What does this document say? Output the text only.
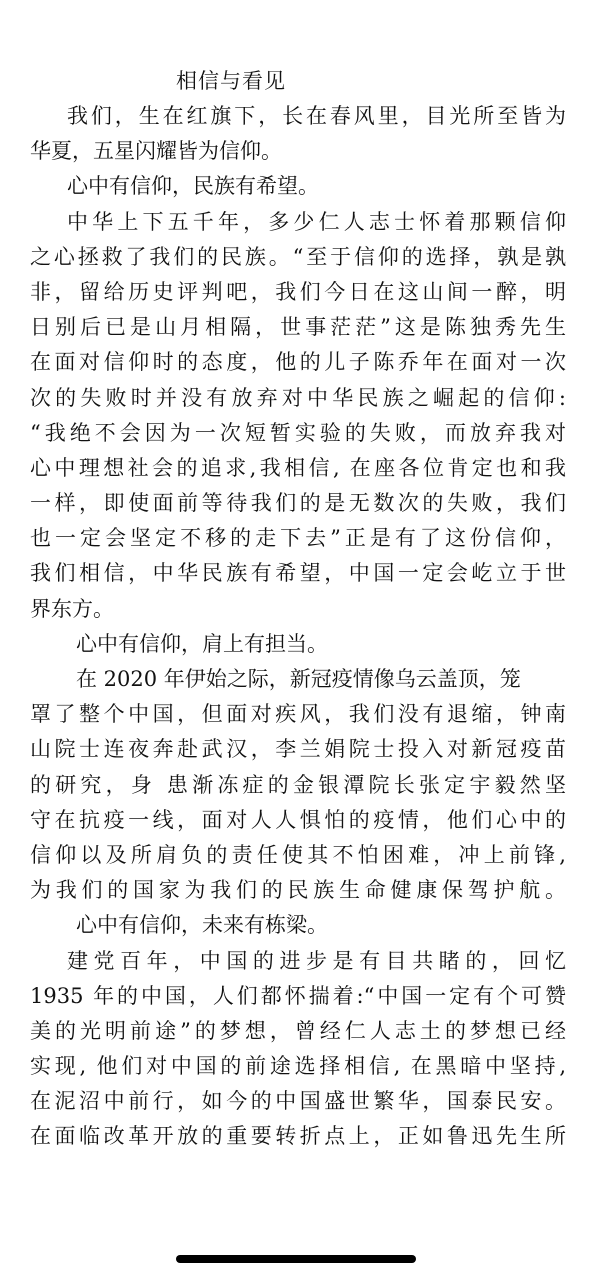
相信与看见
我们，生在红旗下，长在春风里，目光所至皆为
华夏，五星闪耀皆为信仰。
心中有信仰，民族有希望。
中华上下五千年，多少仁人志士怀着那颗信仰
之心拯救了我们的民族。“至于信仰的选择，孰是孰
非，留给历史评判吧，我们今日在这山间一醉，明
日别后已是山月相隔，世事茫茫”这是陈独秀先生
在面对信仰时的态度，他的儿子陈乔年在面对一次
次的失败时并没有放弃对中华民族之崛起的信仰:
“我绝不会因为一次短暂实验的失败，而放弃我对
心中理想社会的追求,我相信, 在座各位肯定也和我
一样，即使面前等待我们的是无数次的失败，我们
也一定会坚定不移的走下去”正是有了这份信仰，
我们相信，中华民族有希望，中国一定会屹立于世
界东方。
心中有信仰，肩上有担当。
在 2020 年伊始之际，新冠疫情像乌云盖顶，笼
罩了整个中国，但面对疾风，我们没有退缩，钟南
山院士连夜奔赴武汉，李兰娟院士投入对新冠疫苗
的研究，身 患渐冻症的金银潭院长张定宇毅然坚
守在抗疫一线，面对人人惧怕的疫情，他们心中的
信仰以及所肩负的责任使其不怕困难，冲上前锋,
为我们的国家为我们的民族生命健康保驾护航。
心中有信仰，未来有栋梁。
建党百年，中国的进步是有目共睹的，回忆
1935 年的中国，人们都怀揣着:“中国一定有个可赞
美的光明前途”的梦想，曾经仁人志土的梦想已经
实现, 他们对中国的前途选择相信, 在黑暗中坚持,
在泥沼中前行，如今的中国盛世繁华，国泰民安。
在面临改革开放的重要转折点上，正如鲁迅先生所
